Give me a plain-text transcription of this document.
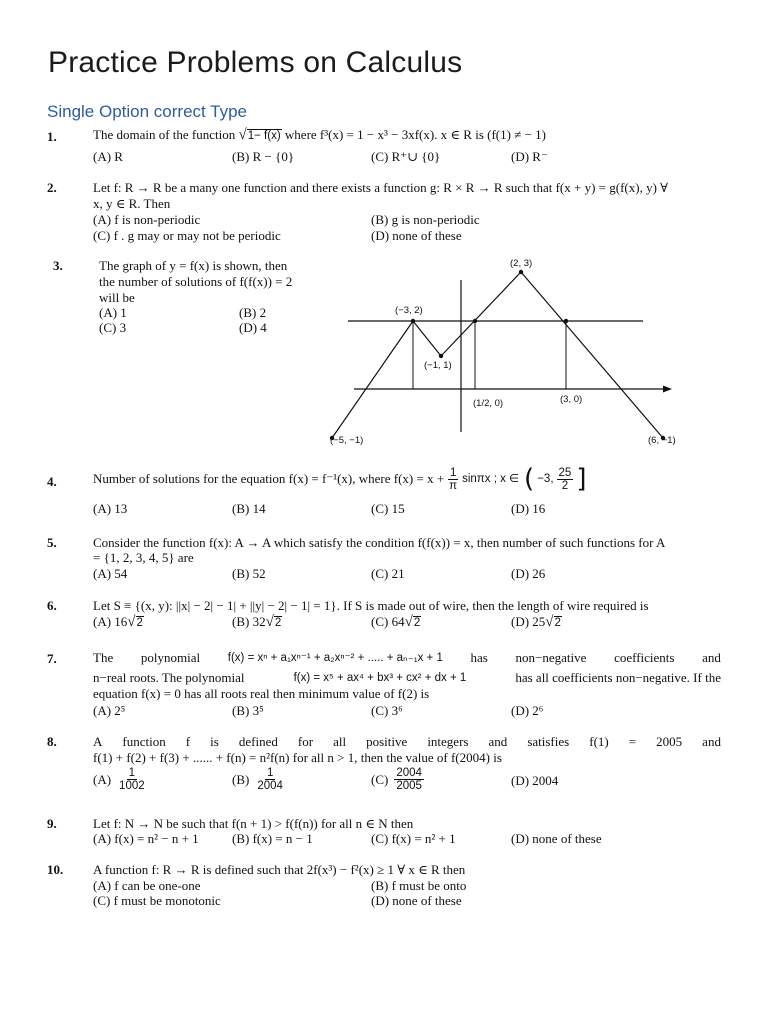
Practice Problems on Calculus
Single Option correct Type
1.	The domain of the function √ 1− f(x) where f³(x) = 1 − x³ − 3xf(x). x ∈ R is (f(1) ≠ − 1)
(A) R	(B) R − {0}	(C) R⁺∪ {0}	(D) R⁻
2.	Let f: R → R be a many one function and there exists a function g: R × R → R such that f(x + y) = g(f(x), y) ∀
x, y ∈ R. Then
(A) f is non-periodic	(B) g is non-periodic
(C) f . g may or may not be periodic	(D) none of these
3.	The graph of y = f(x) is shown, then
the number of solutions of f(f(x)) = 2
will be
(A) 1	(B) 2
(C) 3	(D) 4
(2, 3)
(−3, 2)
(−1, 1)
(1/2, 0)	(3, 0)
(−5, −1)	(6, −1)
4.	Number of solutions for the equation f(x) = f⁻¹(x), where $f(x) = x + \frac{1}{\pi}$ sinπx ; x ∈ ( −3, $\frac{25}{2}$ ]
(A) 13	(B) 14	(C) 15	(D) 16
5.	Consider the function f(x): A → A which satisfy the condition f(f(x)) = x, then number of such functions for A
= {1, 2, 3, 4, 5} are
(A) 54	(B) 52	(C) 21	(D) 26
6.	Let S ≡ {(x, y): ||x| − 2| − 1| + ||y| − 2| − 1| = 1}. If S is made out of wire, then the length of wire required is
(A) 16 √ 2	(B) 32 √ 2	(C) 64 √ 2	(D) 25 √ 2
7.	The polynomial f(x) = xⁿ + a₁xⁿ⁻¹ + a₂xⁿ⁻² + ..... + aₙ₋₁x + 1 has non−negative coefficients and
n−real roots. The polynomial	f(x) = x⁵ + ax⁴ + bx³ + cx² + dx + 1	has all coefficients non−negative. If the
equation f(x) = 0 has all roots real then minimum value of f(2) is
(A) 2⁵	(B) 3⁵	(C) 3⁶	(D) 2⁶
8.	A function f is defined for all positive integers and satisfies f(1) = 2005 and
f(1) + f(2) + f(3) + ...... + f(n) = n²f(n) for all n > 1, then the value of f(2004) is
$(A) \frac{1}{1002}$	$(B) \frac{1}{2004}$	$(C) \frac{2004}{2005}$	(D) 2004
9.	Let f: N → N be such that f(n + 1) > f(f(n)) for all n ∈ N then
(A) f(x) = n² − n + 1	(B) f(x) = n − 1	(C) f(x) = n² + 1	(D) none of these
10. A function f: R → R is defined such that 2f(x³) − f²(x) ≥ 1 ∀ x ∈ R then
(A) f can be one-one	(B) f must be onto
(C) f must be monotonic	(D) none of these
